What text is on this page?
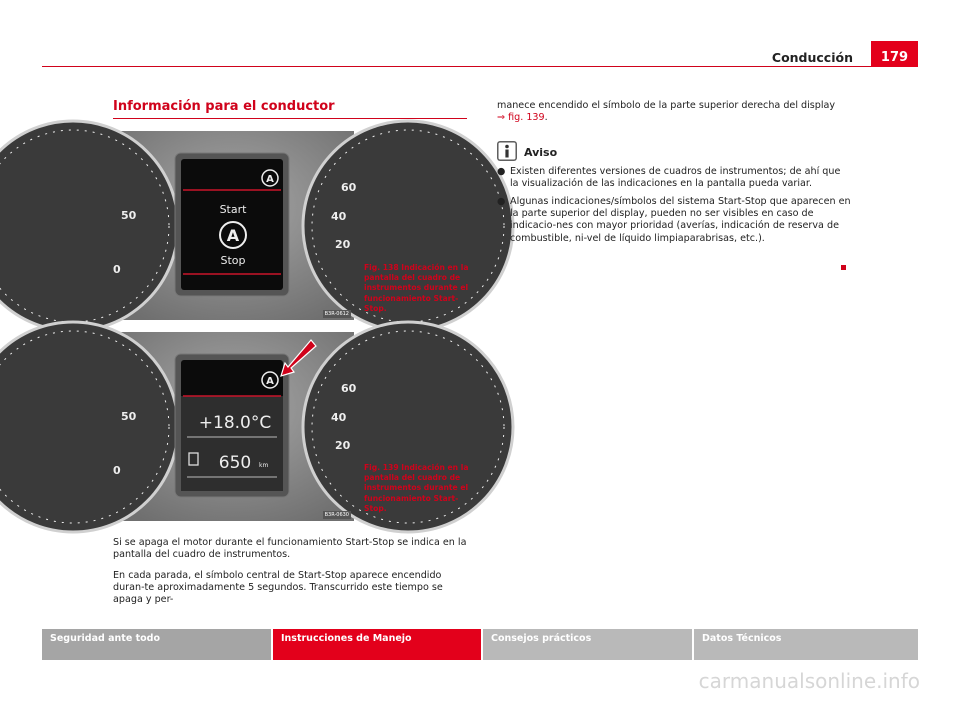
Conducción	179
Información para el conductor
50
0
60
40
20
A
Start
A
Stop
B3R-0612
Fig. 138 Indicación en la pantalla del cuadro de instrumentos durante el funcionamiento Start-Stop.
50
0
60
40
20
A
+18.0°C
650 km
B3R-0630
Fig. 139 Indicación en la pantalla del cuadro de instrumentos durante el funcionamiento Start-Stop.
Si se apaga el motor durante el funcionamiento Start-Stop se indica en la pantalla del cuadro de instrumentos.
En cada parada, el símbolo central de Start-Stop aparece encendido duran-te aproximadamente 5 segundos. Transcurrido este tiempo se apaga y per-
manece encendido el símbolo de la parte superior derecha del display
⇒ fig. 139.
Aviso
● Existen diferentes versiones de cuadros de instrumentos; de ahí que la visualización de las indicaciones en la pantalla pueda variar.
● Algunas indicaciones/símbolos del sistema Start-Stop que aparecen en la parte superior del display, pueden no ser visibles en caso de indicacio-nes con mayor prioridad (averías, indicación de reserva de combustible, ni-vel de líquido limpiaparabrisas, etc.).
Seguridad ante todo	Instrucciones de Manejo	Consejos prácticos	Datos Técnicos
carmanualsonline.info
